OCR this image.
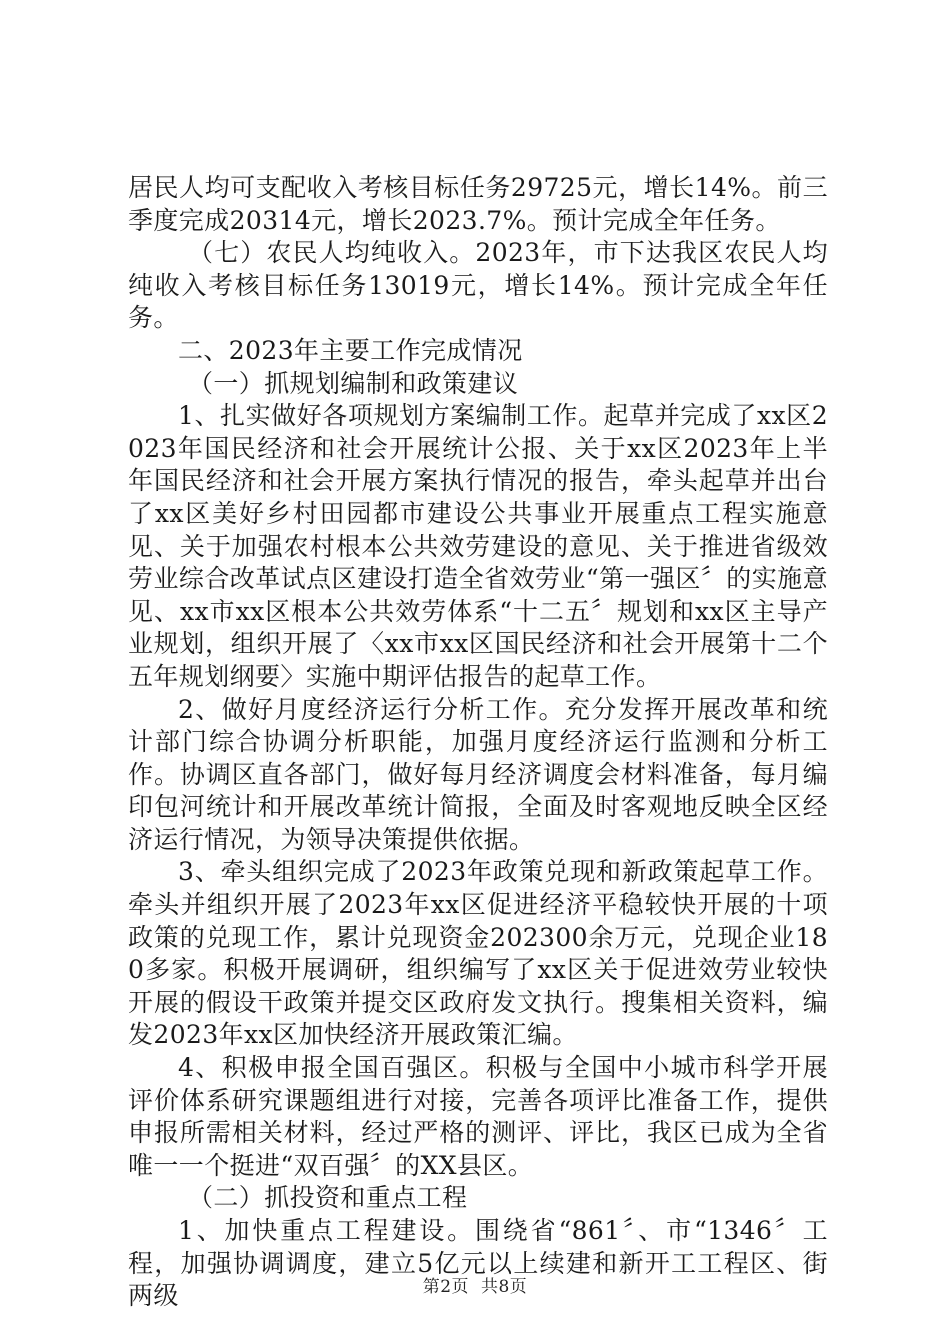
居民人均可支配收入考核目标任务29725元，增长14%。前三季度完成20314元，增长2023.7%。预计完成全年任务。

（七）农民人均纯收入。2023年，市下达我区农民人均纯收入考核目标任务13019元，增长14%。预计完成全年任务。

二、2023年主要工作完成情况

（一）抓规划编制和政策建议

1、扎实做好各项规划方案编制工作。起草并完成了xx区2023年国民经济和社会开展统计公报、关于xx区2023年上半年国民经济和社会开展方案执行情况的报告，牵头起草并出台了xx区美好乡村田园都市建设公共事业开展重点工程实施意见、关于加强农村根本公共效劳建设的意见、关于推进省级效劳业综合改革试点区建设打造全省效劳业“第一强区〞的实施意见、xx市xx区根本公共效劳体系“十二五〞规划和xx区主导产业规划，组织开展了〈xx市xx区国民经济和社会开展第十二个五年规划纲要〉实施中期评估报告的起草工作。

2、做好月度经济运行分析工作。充分发挥开展改革和统计部门综合协调分析职能，加强月度经济运行监测和分析工作。协调区直各部门，做好每月经济调度会材料准备，每月编印包河统计和开展改革统计简报，全面及时客观地反映全区经济运行情况，为领导决策提供依据。

3、牵头组织完成了2023年政策兑现和新政策起草工作。牵头并组织开展了2023年xx区促进经济平稳较快开展的十项政策的兑现工作，累计兑现资金202300余万元，兑现企业180多家。积极开展调研，组织编写了xx区关于促进效劳业较快开展的假设干政策并提交区政府发文执行。搜集相关资料，编发2023年xx区加快经济开展政策汇编。

4、积极申报全国百强区。积极与全国中小城市科学开展评价体系研究课题组进行对接，完善各项评比准备工作，提供申报所需相关材料，经过严格的测评、评比，我区已成为全省唯一一个挺进“双百强〞的XX县区。

（二）抓投资和重点工程

1、加快重点工程建设。围绕省“861〞、市“1346〞工程，加强协调调度，建立5亿元以上续建和新开工工程区、街两级	第2页 共8页
